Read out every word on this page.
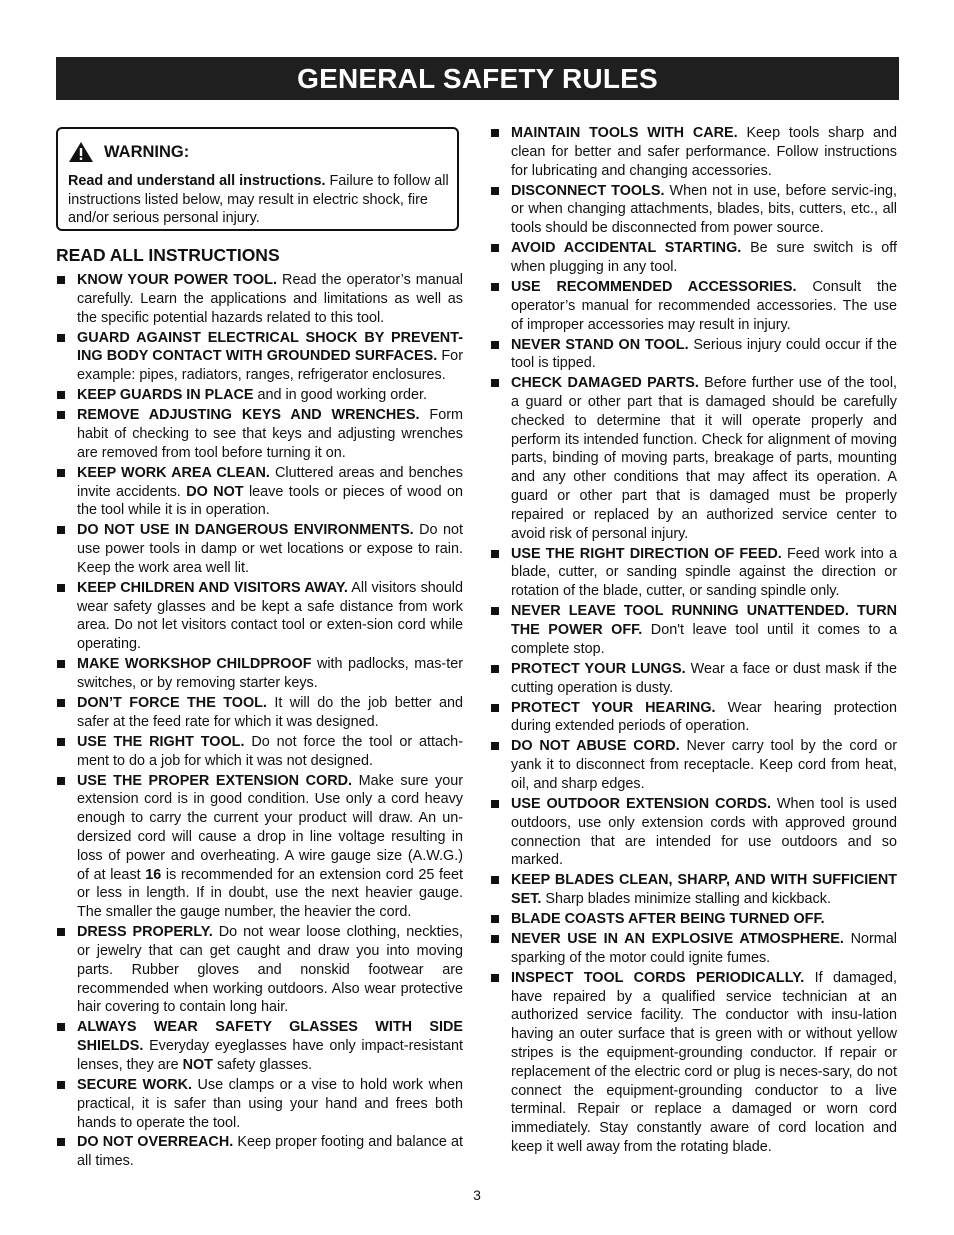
GENERAL SAFETY RULES
WARNING:
Read and understand all instructions. Failure to follow all instructions listed below, may result in electric shock, fire and/or serious personal injury.
READ ALL INSTRUCTIONS
KNOW YOUR POWER TOOL. Read the operator’s manual carefully. Learn the applications and limitations as well as the specific potential hazards related to this tool.
GUARD AGAINST ELECTRICAL SHOCK BY PREVENT-ING BODY CONTACT WITH GROUNDED SURFACES. For example: pipes, radiators, ranges, refrigerator enclosures.
KEEP GUARDS IN PLACE and in good working order.
REMOVE ADJUSTING KEYS AND WRENCHES. Form habit of checking to see that keys and adjusting wrenches are removed from tool before turning it on.
KEEP WORK AREA CLEAN. Cluttered areas and benches invite accidents. DO NOT leave tools or pieces of wood on the tool while it is in operation.
DO NOT USE IN DANGEROUS ENVIRONMENTS. Do not use power tools in damp or wet locations or expose to rain. Keep the work area well lit.
KEEP CHILDREN AND VISITORS AWAY. All visitors should wear safety glasses and be kept a safe distance from work area. Do not let visitors contact tool or exten-sion cord while operating.
MAKE WORKSHOP CHILDPROOF with padlocks, mas-ter switches, or by removing starter keys.
DON’T FORCE THE TOOL. It will do the job better and safer at the feed rate for which it was designed.
USE THE RIGHT TOOL. Do not force the tool or attach-ment to do a job for which it was not designed.
USE THE PROPER EXTENSION CORD. Make sure your extension cord is in good condition. Use only a cord heavy enough to carry the current your product will draw. An un-dersized cord will cause a drop in line voltage resulting in loss of power and overheating. A wire gauge size (A.W.G.) of at least 16 is recommended for an extension cord 25 feet or less in length. If in doubt, use the next heavier gauge. The smaller the gauge number, the heavier the cord.
DRESS PROPERLY. Do not wear loose clothing, neckties, or jewelry that can get caught and draw you into moving parts. Rubber gloves and nonskid footwear are recommended when working outdoors. Also wear protective hair covering to contain long hair.
ALWAYS WEAR SAFETY GLASSES WITH SIDE SHIELDS. Everyday eyeglasses have only impact-resistant lenses, they are NOT safety glasses.
SECURE WORK. Use clamps or a vise to hold work when practical, it is safer than using your hand and frees both hands to operate the tool.
DO NOT OVERREACH. Keep proper footing and balance at all times.
MAINTAIN TOOLS WITH CARE. Keep tools sharp and clean for better and safer performance. Follow instructions for lubricating and changing accessories.
DISCONNECT TOOLS. When not in use, before servic-ing, or when changing attachments, blades, bits, cutters, etc., all tools should be disconnected from power source.
AVOID ACCIDENTAL STARTING. Be sure switch is off when plugging in any tool.
USE RECOMMENDED ACCESSORIES. Consult the operator’s manual for recommended accessories. The use of improper accessories may result in injury.
NEVER STAND ON TOOL. Serious injury could occur if the tool is tipped.
CHECK DAMAGED PARTS. Before further use of the tool, a guard or other part that is damaged should be carefully checked to determine that it will operate properly and perform its intended function. Check for alignment of moving parts, binding of moving parts, breakage of parts, mounting and any other conditions that may affect its operation. A guard or other part that is damaged must be properly repaired or replaced by an authorized service center to avoid risk of personal injury.
USE THE RIGHT DIRECTION OF FEED. Feed work into a blade, cutter, or sanding spindle against the direction or rotation of the blade, cutter, or sanding spindle only.
NEVER LEAVE TOOL RUNNING UNATTENDED. TURN THE POWER OFF. Don't leave tool until it comes to a complete stop.
PROTECT YOUR LUNGS. Wear a face or dust mask if the cutting operation is dusty.
PROTECT YOUR HEARING. Wear hearing protection during extended periods of operation.
DO NOT ABUSE CORD. Never carry tool by the cord or yank it to disconnect from receptacle. Keep cord from heat, oil, and sharp edges.
USE OUTDOOR EXTENSION CORDS. When tool is used outdoors, use only extension cords with approved ground connection that are intended for use outdoors and so marked.
KEEP BLADES CLEAN, SHARP, AND WITH SUFFICIENT SET. Sharp blades minimize stalling and kickback.
BLADE COASTS AFTER BEING TURNED OFF.
NEVER USE IN AN EXPLOSIVE ATMOSPHERE. Normal sparking of the motor could ignite fumes.
INSPECT TOOL CORDS PERIODICALLY. If damaged, have repaired by a qualified service technician at an authorized service facility. The conductor with insu-lation having an outer surface that is green with or without yellow stripes is the equipment-grounding conductor. If repair or replacement of the electric cord or plug is neces-sary, do not connect the equipment-grounding conductor to a live terminal. Repair or replace a damaged or worn cord immediately. Stay constantly aware of cord location and keep it well away from the rotating blade.
3
